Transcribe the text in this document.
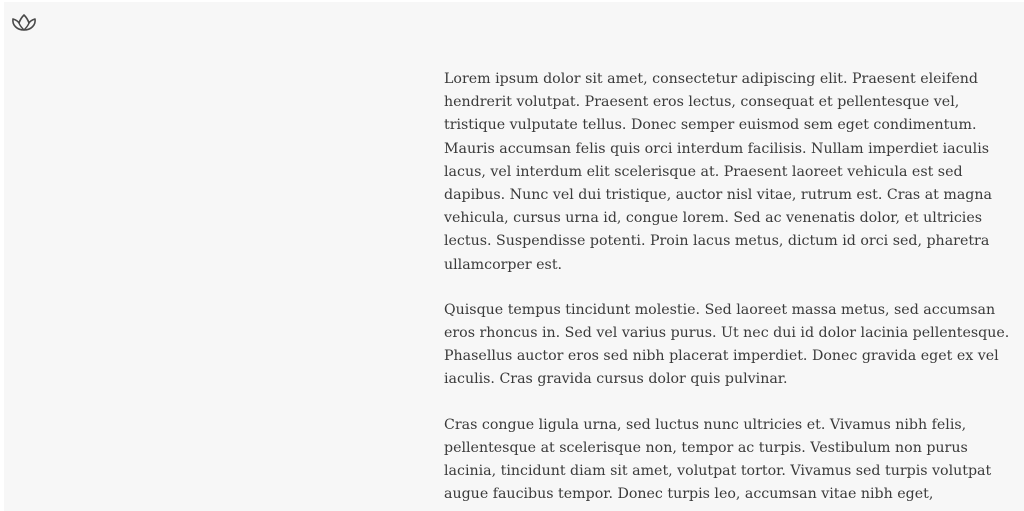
Lorem ipsum dolor sit amet, consectetur adipiscing elit. Praesent eleifend hendrerit volutpat. Praesent eros lectus, consequat et pellentesque vel, tristique vulputate tellus. Donec semper euismod sem eget condimentum. Mauris accumsan felis quis orci interdum facilisis. Nullam imperdiet iaculis lacus, vel interdum elit scelerisque at. Praesent laoreet vehicula est sed dapibus. Nunc vel dui tristique, auctor nisl vitae, rutrum est. Cras at magna vehicula, cursus urna id, congue lorem. Sed ac venenatis dolor, et ultricies lectus. Suspendisse potenti. Proin lacus metus, dictum id orci sed, pharetra ullamcorper est.

Quisque tempus tincidunt molestie. Sed laoreet massa metus, sed accumsan eros rhoncus in. Sed vel varius purus. Ut nec dui id dolor lacinia pellentesque. Phasellus auctor eros sed nibh placerat imperdiet. Donec gravida eget ex vel iaculis. Cras gravida cursus dolor quis pulvinar.

Cras congue ligula urna, sed luctus nunc ultricies et. Vivamus nibh felis, pellentesque at scelerisque non, tempor ac turpis. Vestibulum non purus lacinia, tincidunt diam sit amet, volutpat tortor. Vivamus sed turpis volutpat augue faucibus tempor. Donec turpis leo, accumsan vitae nibh eget,
